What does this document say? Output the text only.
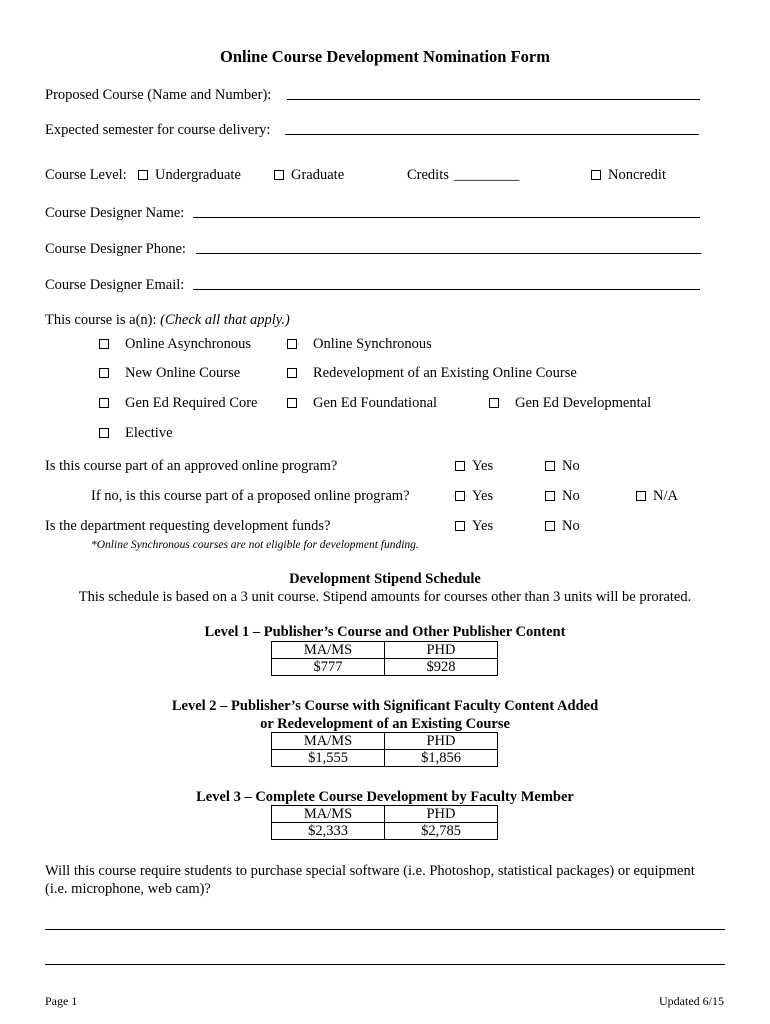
Online Course Development Nomination Form
Proposed Course (Name and Number):
Expected semester for course delivery:
Course Level:	Undergraduate	Graduate	Credits _________	Noncredit
Course Designer Name:
Course Designer Phone:
Course Designer Email:
This course is a(n): (Check all that apply.)
Online Asynchronous	Online Synchronous
New Online Course	Redevelopment of an Existing Online Course
Gen Ed Required Core	Gen Ed Foundational	Gen Ed Developmental
Elective
Is this course part of an approved online program?	Yes	No
If no, is this course part of a proposed online program?	Yes	No	N/A
Is the department requesting development funds?	Yes	No
*Online Synchronous courses are not eligible for development funding.
Development Stipend Schedule
This schedule is based on a 3 unit course. Stipend amounts for courses other than 3 units will be prorated.
Level 1 – Publisher’s Course and Other Publisher Content
MA/MS	PHD
$777	$928
Level 2 – Publisher’s Course with Significant Faculty Content Added
or Redevelopment of an Existing Course
MA/MS	PHD
$1,555	$1,856
Level 3 – Complete Course Development by Faculty Member
MA/MS	PHD
$2,333	$2,785
Will this course require students to purchase special software (i.e. Photoshop, statistical packages) or equipment
(i.e. microphone, web cam)?
Page 1	Updated 6/15
